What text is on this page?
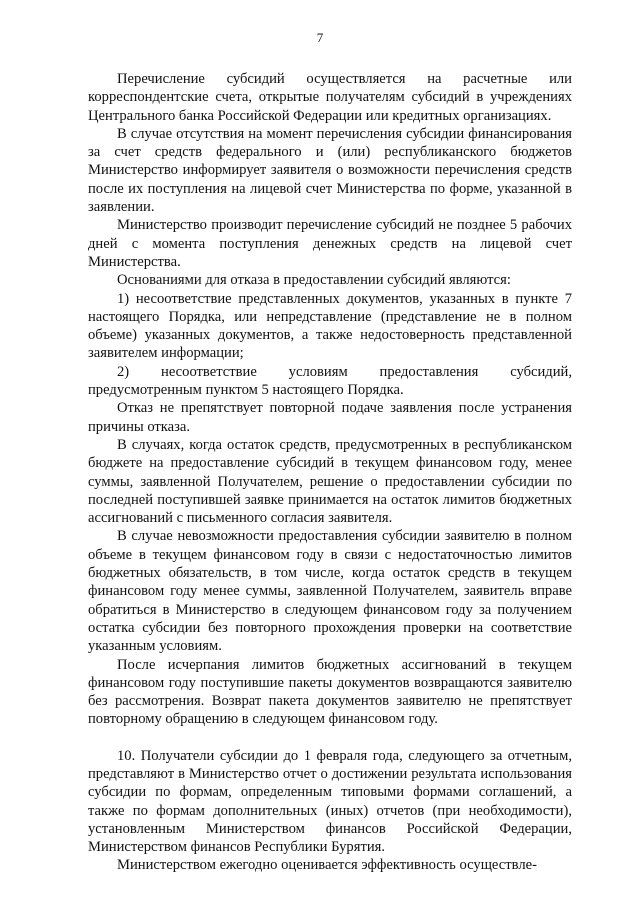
7

Перечисление субсидий осуществляется на расчетные или корреспондентские счета, открытые получателям субсидий в учреждениях Центрального банка Российской Федерации или кредитных организациях.

В случае отсутствия на момент перечисления субсидии финансирования за счет средств федерального и (или) республиканского бюджетов Министерство информирует заявителя о возможности перечисления средств после их поступления на лицевой счет Министерства по форме, указанной в заявлении.

Министерство производит перечисление субсидий не позднее 5 рабочих дней с момента поступления денежных средств на лицевой счет Министерства.

Основаниями для отказа в предоставлении субсидий являются:

1) несоответствие представленных документов, указанных в пункте 7 настоящего Порядка, или непредставление (представление не в полном объеме) указанных документов, а также недостоверность представленной заявителем информации;

2) несоответствие условиям предоставления субсидий, предусмотренным пунктом 5 настоящего Порядка.

Отказ не препятствует повторной подаче заявления после устранения причины отказа.

В случаях, когда остаток средств, предусмотренных в республиканском бюджете на предоставление субсидий в текущем финансовом году, менее суммы, заявленной Получателем, решение о предоставлении субсидии по последней поступившей заявке принимается на остаток лимитов бюджетных ассигнований с письменного согласия заявителя.

В случае невозможности предоставления субсидии заявителю в полном объеме в текущем финансовом году в связи с недостаточностью лимитов бюджетных обязательств, в том числе, когда остаток средств в текущем финансовом году менее суммы, заявленной Получателем, заявитель вправе обратиться в Министерство в следующем финансовом году за получением остатка субсидии без повторного прохождения проверки на соответствие указанным условиям.

После исчерпания лимитов бюджетных ассигнований в текущем финансовом году поступившие пакеты документов возвращаются заявителю без рассмотрения. Возврат пакета документов заявителю не препятствует повторному обращению в следующем финансовом году.

10. Получатели субсидии до 1 февраля года, следующего за отчетным, представляют в Министерство отчет о достижении результата использования субсидии по формам, определенным типовыми формами соглашений, а также по формам дополнительных (иных) отчетов (при необходимости), установленным Министерством финансов Российской Федерации, Министерством финансов Республики Бурятия.

Министерством ежегодно оценивается эффективность осуществле-
